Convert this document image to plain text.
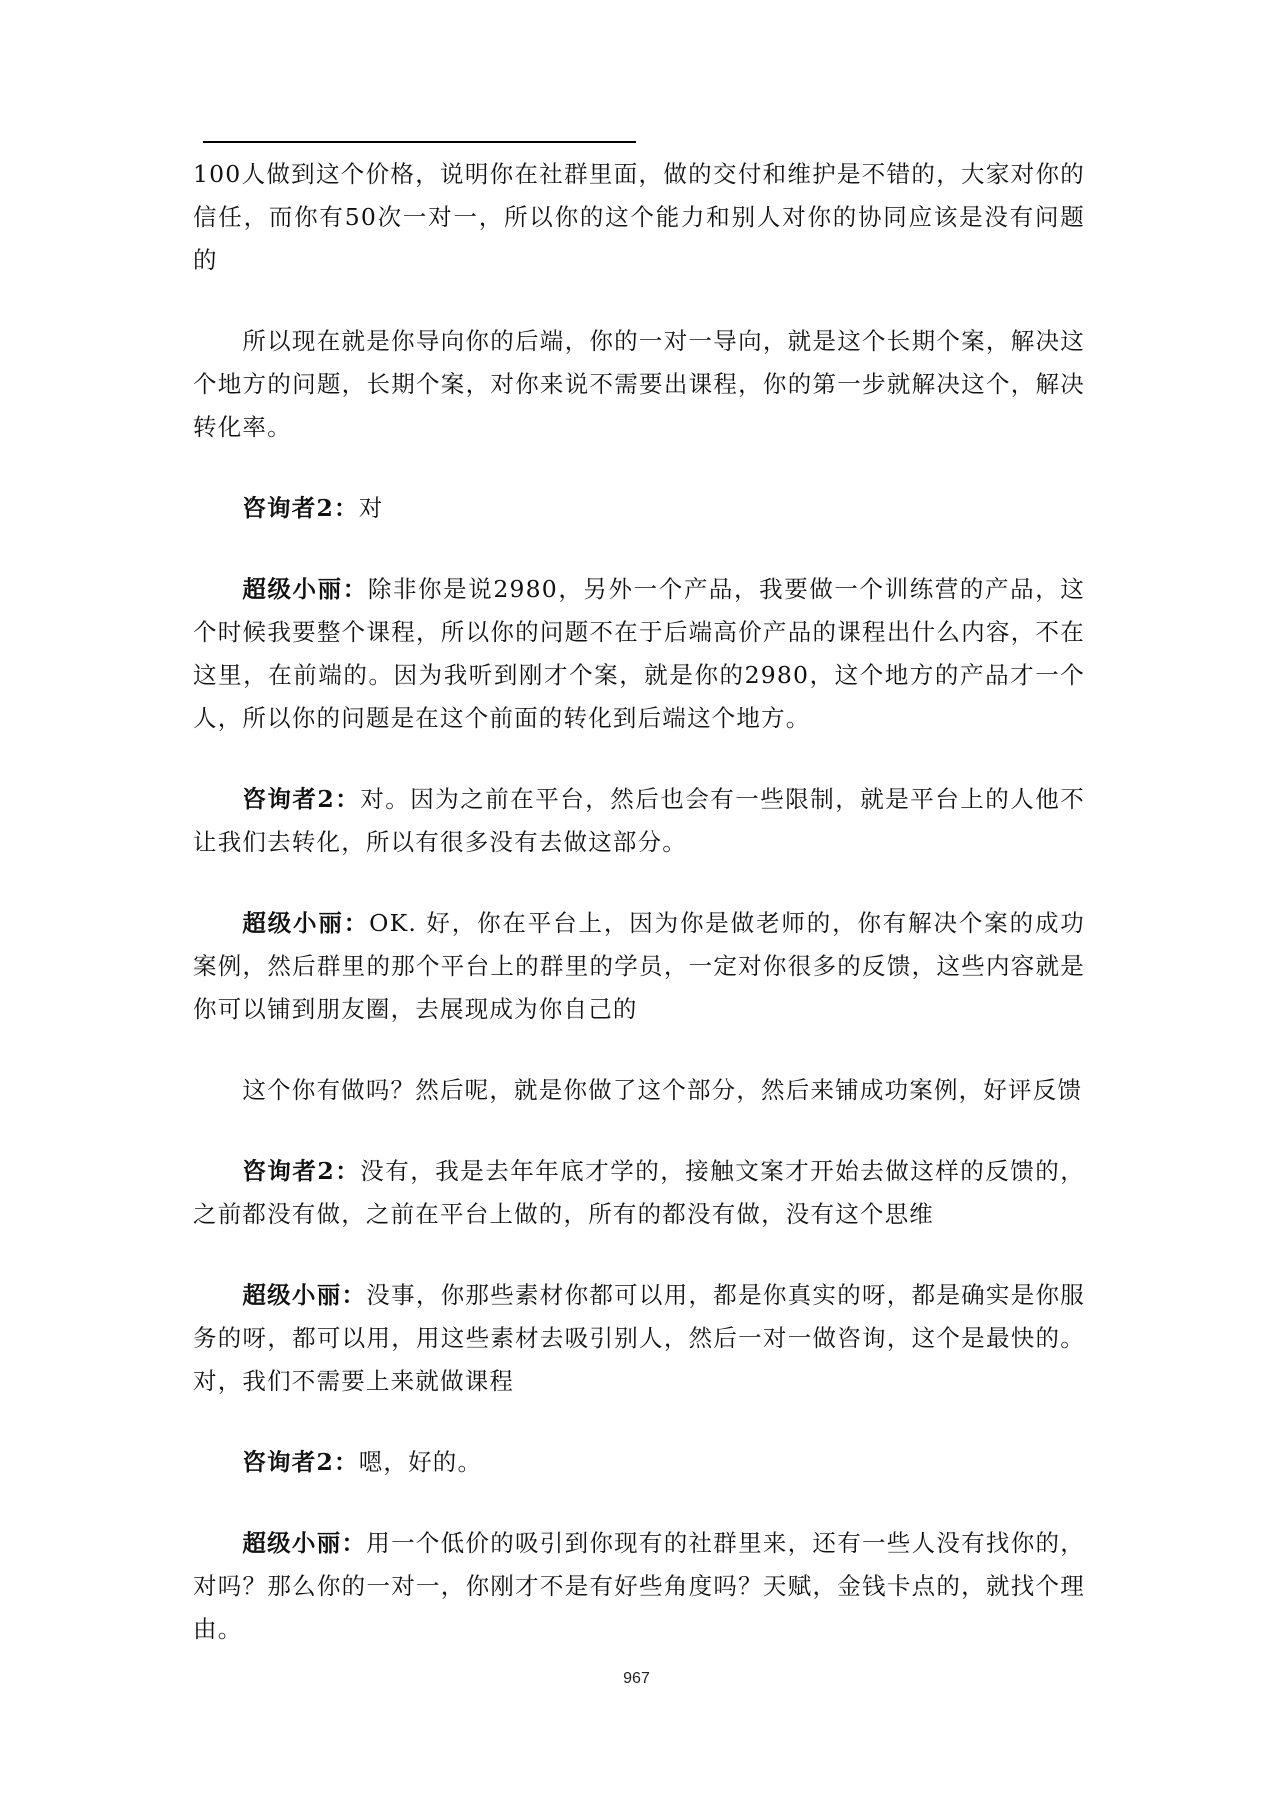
100人做到这个价格，说明你在社群里面，做的交付和维护是不错的，大家对你的信任，而你有50次一对一，所以你的这个能力和别人对你的协同应该是没有问题的

所以现在就是你导向你的后端，你的一对一导向，就是这个长期个案，解决这个地方的问题，长期个案，对你来说不需要出课程，你的第一步就解决这个，解决转化率。

咨询者2：对

超级小丽：除非你是说2980，另外一个产品，我要做一个训练营的产品，这个时候我要整个课程，所以你的问题不在于后端高价产品的课程出什么内容，不在这里，在前端的。因为我听到刚才个案，就是你的2980，这个地方的产品才一个人，所以你的问题是在这个前面的转化到后端这个地方。

咨询者2：对。因为之前在平台，然后也会有一些限制，就是平台上的人他不让我们去转化，所以有很多没有去做这部分。

超级小丽：OK. 好，你在平台上，因为你是做老师的，你有解决个案的成功案例，然后群里的那个平台上的群里的学员，一定对你很多的反馈，这些内容就是你可以铺到朋友圈，去展现成为你自己的

这个你有做吗？然后呢，就是你做了这个部分，然后来铺成功案例，好评反馈

咨询者2：没有，我是去年年底才学的，接触文案才开始去做这样的反馈的，之前都没有做，之前在平台上做的，所有的都没有做，没有这个思维

超级小丽：没事，你那些素材你都可以用，都是你真实的呀，都是确实是你服务的呀，都可以用，用这些素材去吸引别人，然后一对一做咨询，这个是最快的。对，我们不需要上来就做课程

咨询者2：嗯，好的。

超级小丽：用一个低价的吸引到你现有的社群里来，还有一些人没有找你的，对吗？那么你的一对一，你刚才不是有好些角度吗？天赋，金钱卡点的，就找个理由。

967
